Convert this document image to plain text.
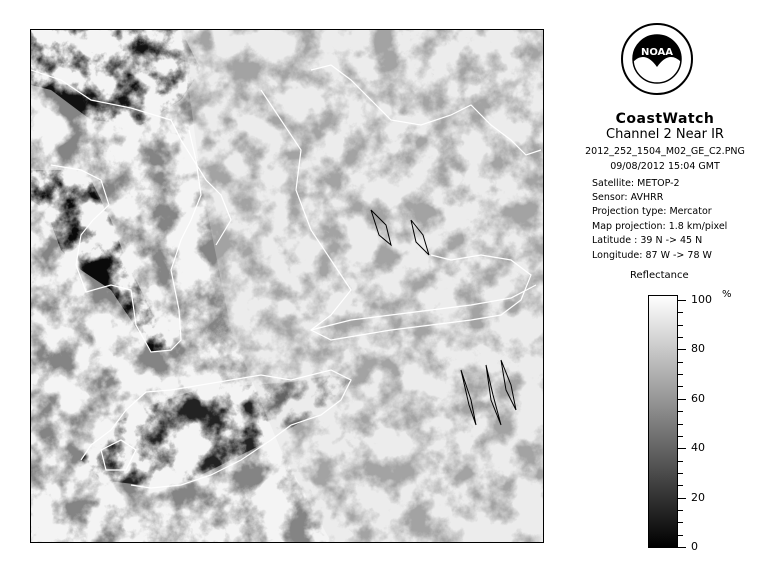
NOAA
CoastWatch
Channel 2 Near IR
2012_252_1504_M02_GE_C2.PNG
09/08/2012 15:04 GMT
Satellite: METOP-2
Sensor: AVHRR
Projection type: Mercator
Map projection: 1.8 km/pixel
Latitude : 39 N -> 45 N
Longitude: 87 W -> 78 W
Reflectance
%
0
20
40
60
80
100
